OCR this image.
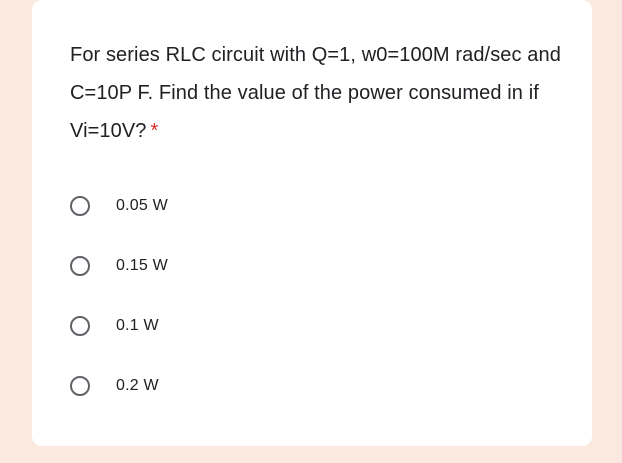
For series RLC circuit with Q=1, w0=100M rad/sec and C=10P F. Find the value of the power consumed in if Vi=10V? *

0.05 W
0.15 W
0.1 W
0.2 W
